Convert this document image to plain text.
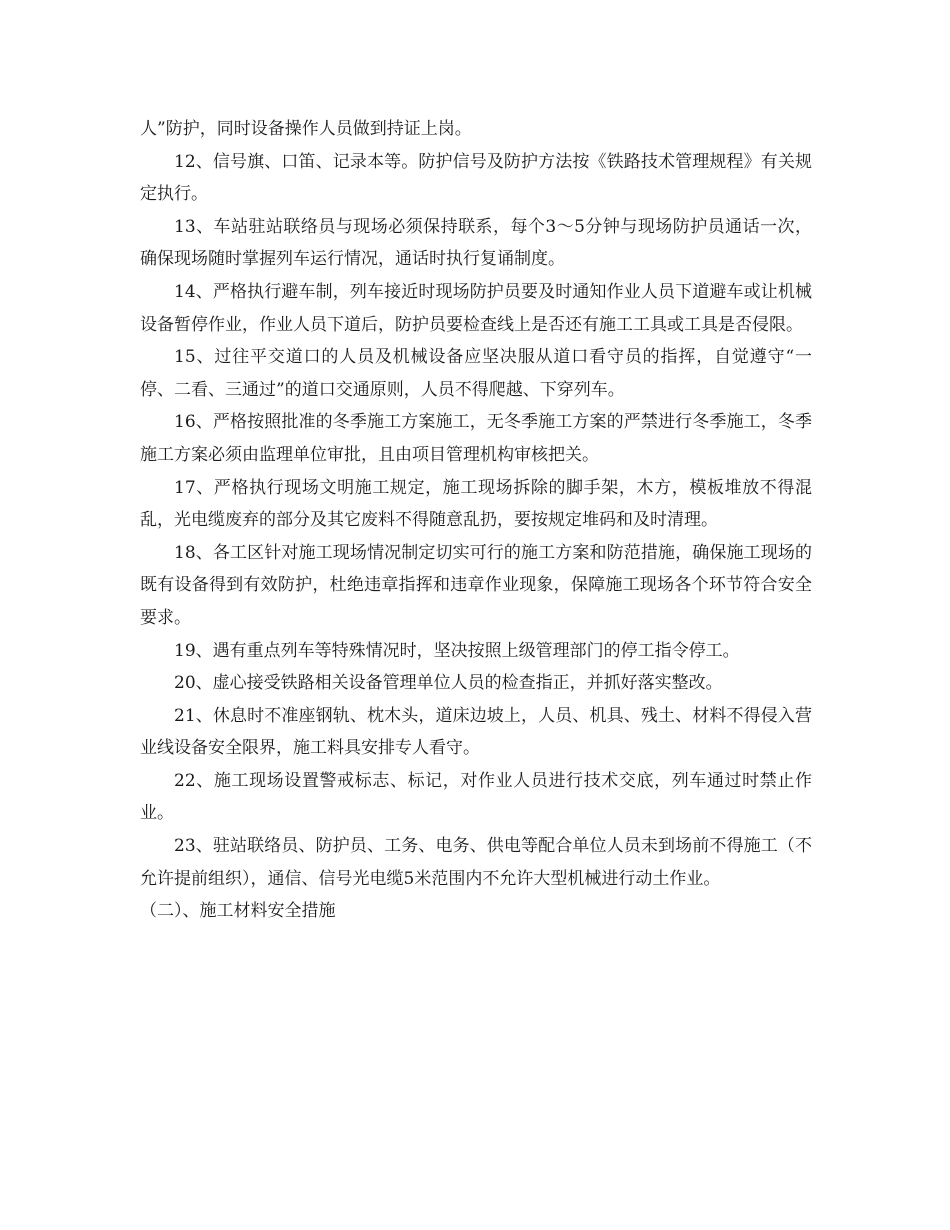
人”防护，同时设备操作人员做到持证上岗。

12、信号旗、口笛、记录本等。防护信号及防护方法按《铁路技术管理规程》有关规定执行。

13、车站驻站联络员与现场必须保持联系，每个3～5分钟与现场防护员通话一次，确保现场随时掌握列车运行情况，通话时执行复诵制度。

14、严格执行避车制，列车接近时现场防护员要及时通知作业人员下道避车或让机械设备暂停作业，作业人员下道后，防护员要检查线上是否还有施工工具或工具是否侵限。

15、过往平交道口的人员及机械设备应坚决服从道口看守员的指挥，自觉遵守“一停、二看、三通过”的道口交通原则，人员不得爬越、下穿列车。

16、严格按照批准的冬季施工方案施工，无冬季施工方案的严禁进行冬季施工，冬季施工方案必须由监理单位审批，且由项目管理机构审核把关。

17、严格执行现场文明施工规定，施工现场拆除的脚手架，木方，模板堆放不得混乱，光电缆废弃的部分及其它废料不得随意乱扔，要按规定堆码和及时清理。

18、各工区针对施工现场情况制定切实可行的施工方案和防范措施，确保施工现场的既有设备得到有效防护，杜绝违章指挥和违章作业现象，保障施工现场各个环节符合安全要求。

19、遇有重点列车等特殊情况时，坚决按照上级管理部门的停工指令停工。

20、虚心接受铁路相关设备管理单位人员的检查指正，并抓好落实整改。

21、休息时不准座钢轨、枕木头，道床边坡上，人员、机具、残土、材料不得侵入营业线设备安全限界，施工料具安排专人看守。

22、施工现场设置警戒标志、标记，对作业人员进行技术交底，列车通过时禁止作业。

23、驻站联络员、防护员、工务、电务、供电等配合单位人员未到场前不得施工（不允许提前组织），通信、信号光电缆5米范围内不允许大型机械进行动土作业。

（二）、施工材料安全措施
